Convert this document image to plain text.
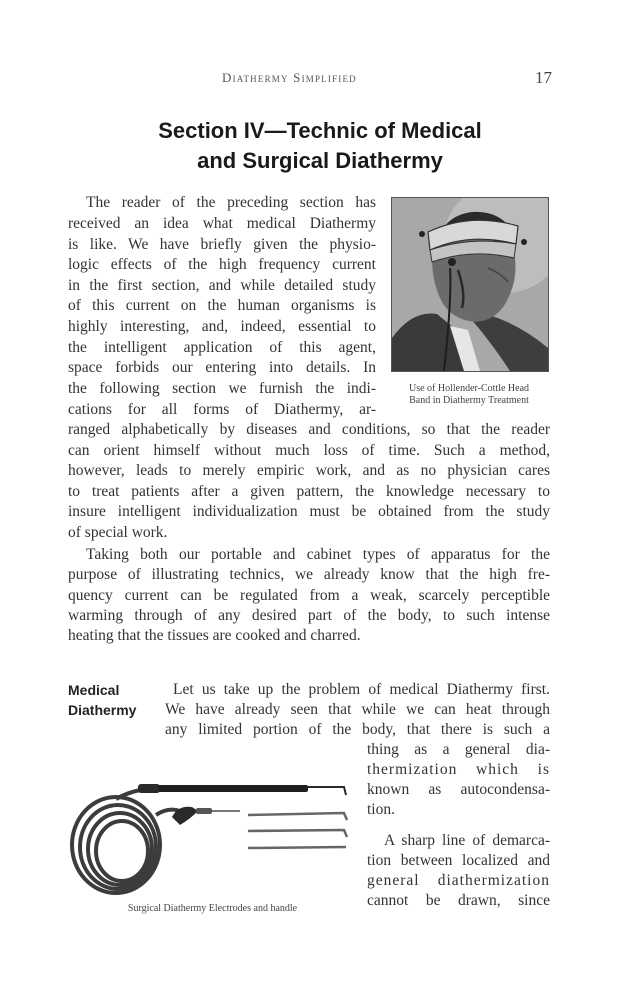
Diathermy Simplified	17
Section IV—Technic of Medical
and Surgical Diathermy
The reader of the preceding section has
received an idea what medical Diathermy
is like. We have briefly given the physio-
logic effects of the high frequency current
in the first section, and while detailed study
of this current on the human organisms is
highly interesting, and, indeed, essential to
the intelligent application of this agent,
space forbids our entering into details. In
the following section we furnish the indi-
cations for all forms of Diathermy, ar-
ranged alphabetically by diseases and conditions, so that the reader
can orient himself without much loss of time. Such a method,
however, leads to merely empiric work, and as no physician cares
to treat patients after a given pattern, the knowledge necessary to
insure intelligent individualization must be obtained from the study
of special work.
Use of Hollender-Cottle Head
Band in Diathermy Treatment
Taking both our portable and cabinet types of apparatus for the
purpose of illustrating technics, we already know that the high fre-
quency current can be regulated from a weak, scarcely perceptible
warming through of any desired part of the body, to such intense
heating that the tissues are cooked and charred.
Medical
Diathermy
Let us take up the problem of medical Diathermy first.
We have already seen that while we can heat through
any limited portion of the body, that there is such a
thing as a general dia-
thermization which is
known as autocondensa-
tion.
A sharp line of demarca-
tion between localized and
general diathermization
cannot be drawn, since
Surgical Diathermy Electrodes and handle
